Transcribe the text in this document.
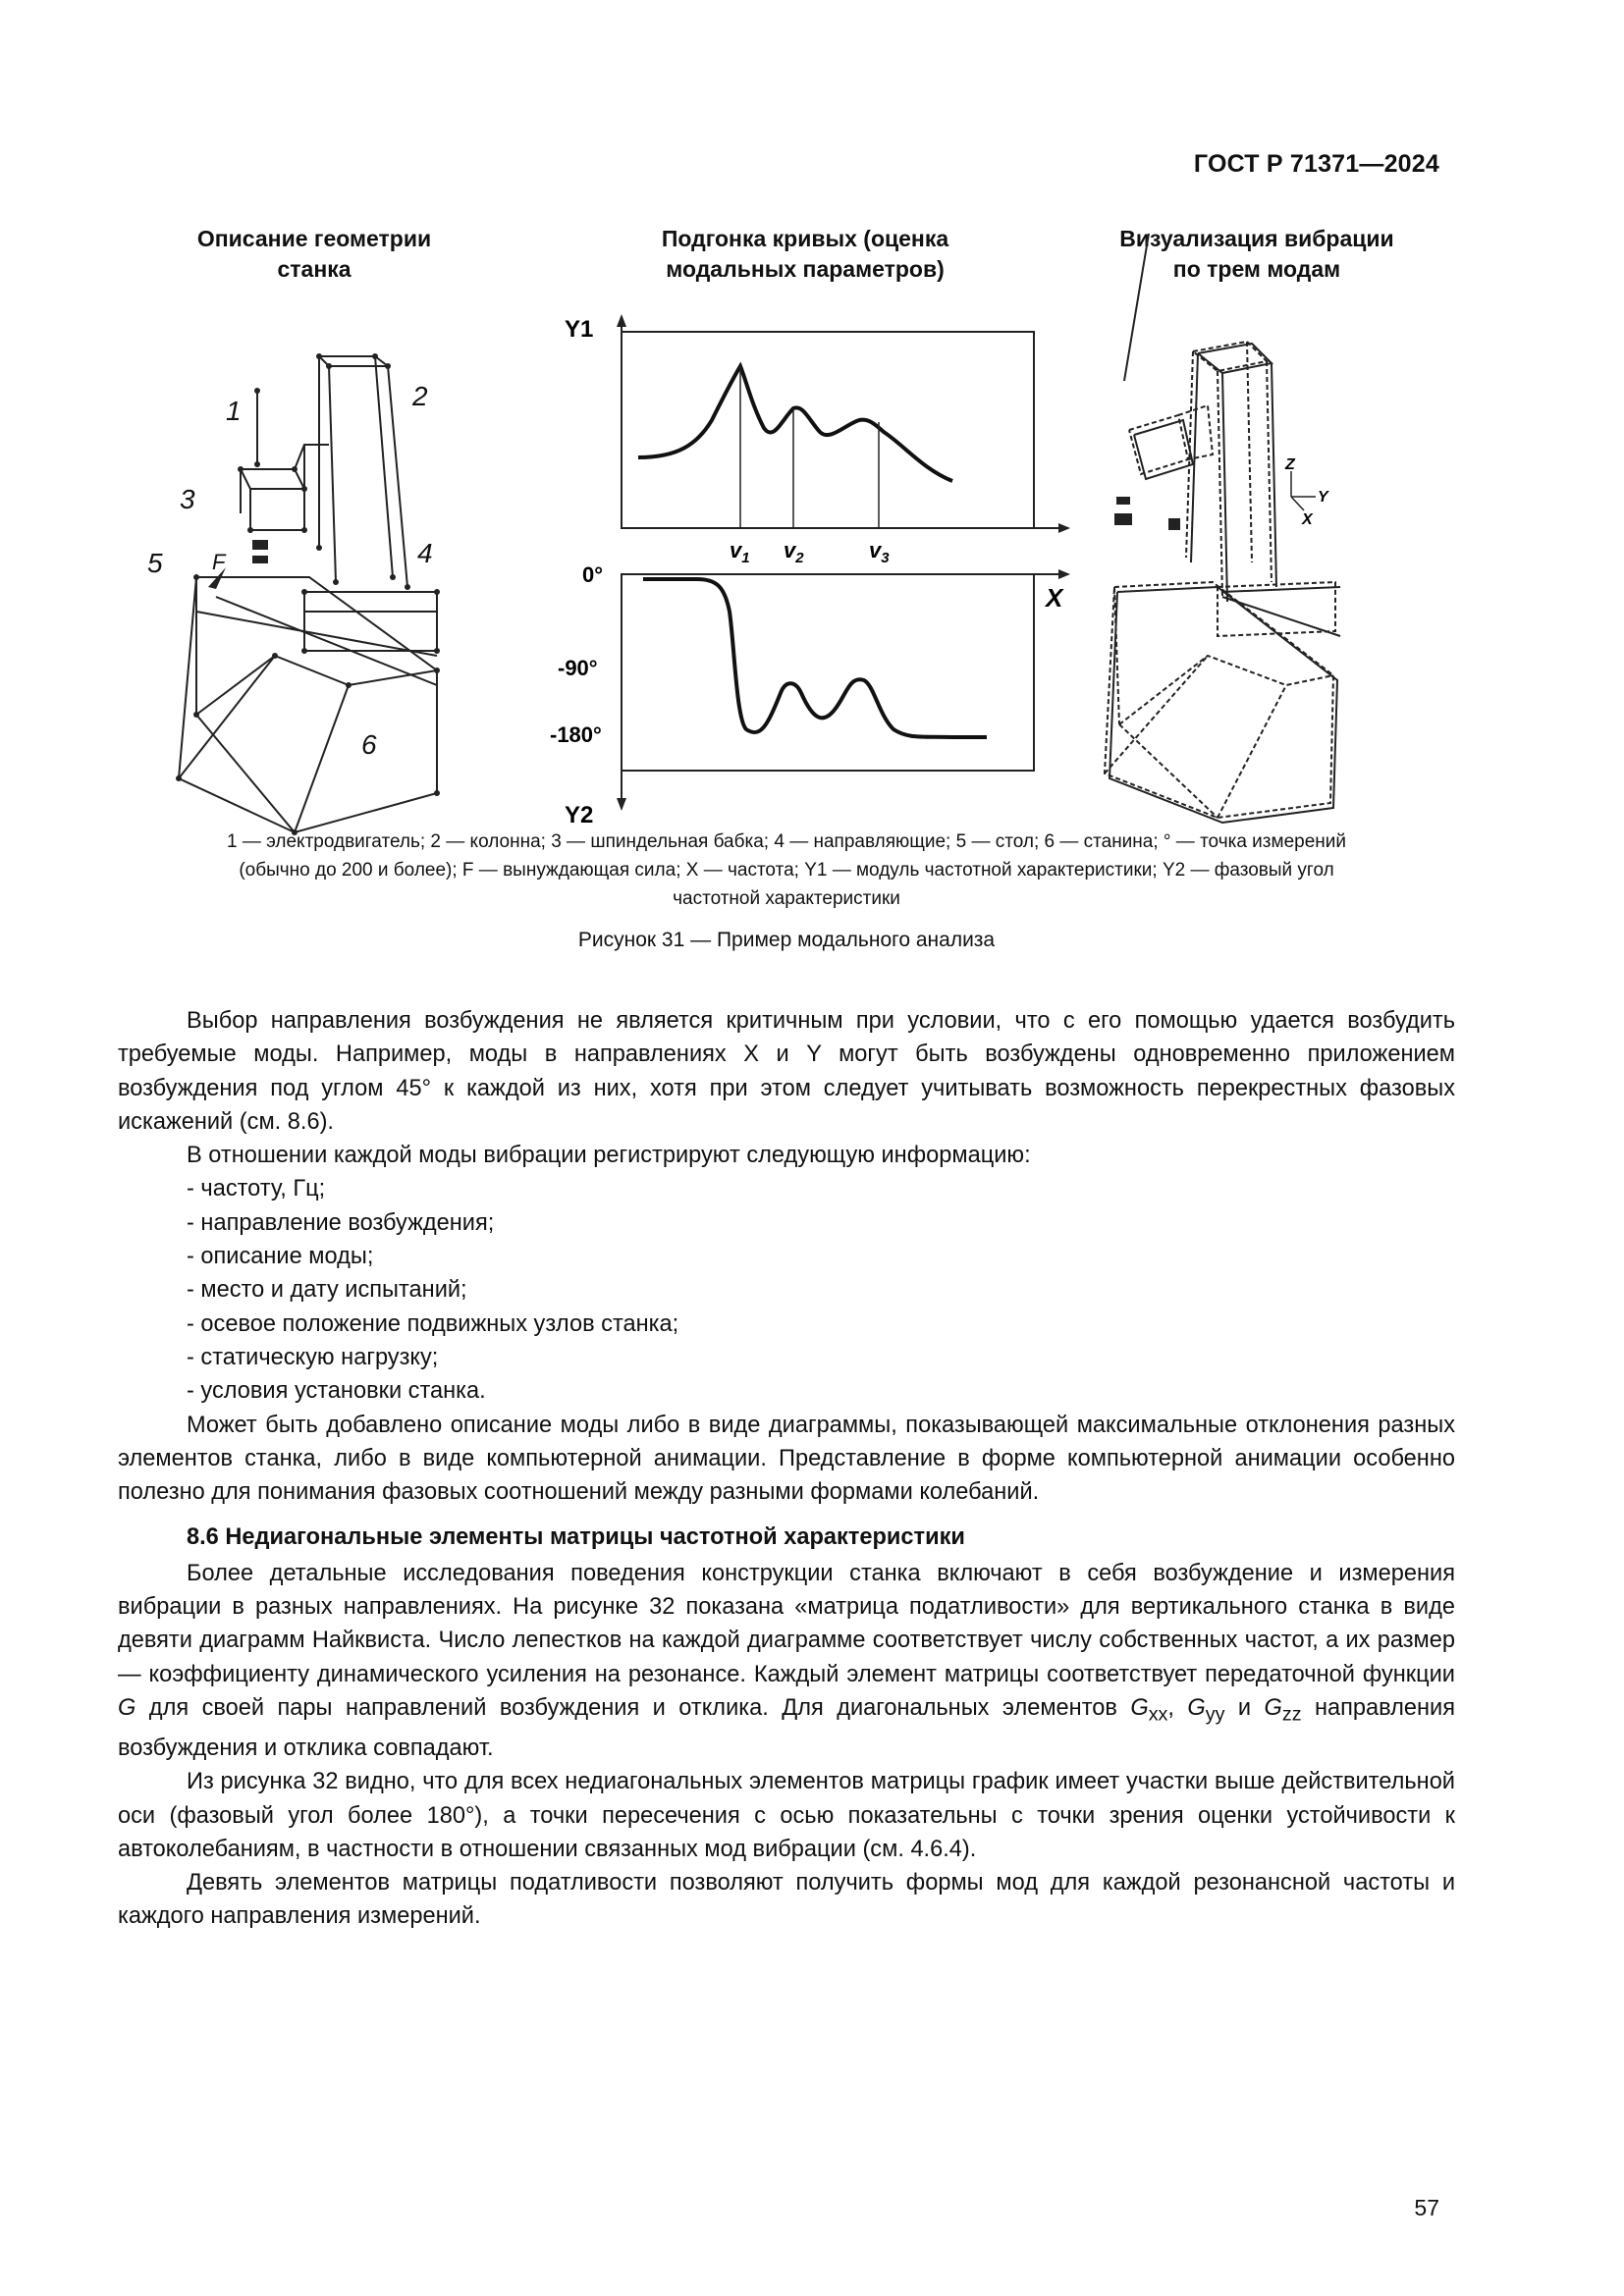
ГОСТ Р 71371—2024
Описание геометрии
станка
Подгонка кривых (оценка
модальных параметров)
Визуализация вибрации
по трем модам
1	2
3
4
5
6
F
Y1
$v_1$ $v_2$	$v_3$
X
0°
-90°
-180°
Y2
Z
Y
X
1 — электродвигатель; 2 — колонна; 3 — шпиндельная бабка; 4 — направляющие; 5 — стол; 6 — станина; ° — точка измерений
(обычно до 200 и более); F — вынуждающая сила; X — частота; Y1 — модуль частотной характеристики; Y2 — фазовый угол
частотной характеристики
Рисунок 31 — Пример модального анализа

Выбор направления возбуждения не является критичным при условии, что с его помощью удается возбудить требуемые моды. Например, моды в направлениях X и Y могут быть возбуждены одновременно приложением возбуждения под углом 45° к каждой из них, хотя при этом следует учитывать возможность перекрестных фазовых искажений (см. 8.6).

В отношении каждой моды вибрации регистрируют следующую информацию:

- частоту, Гц;

- направление возбуждения;

- описание моды;

- место и дату испытаний;

- осевое положение подвижных узлов станка;

- статическую нагрузку;

- условия установки станка.

Может быть добавлено описание моды либо в виде диаграммы, показывающей максимальные отклонения разных элементов станка, либо в виде компьютерной анимации. Представление в форме компьютерной анимации особенно полезно для понимания фазовых соотношений между разными формами колебаний.

8.6 Недиагональные элементы матрицы частотной характеристики

Более детальные исследования поведения конструкции станка включают в себя возбуждение и измерения вибрации в разных направлениях. На рисунке 32 показана «матрица податливости» для вертикального станка в виде девяти диаграмм Найквиста. Число лепестков на каждой диаграмме соответствует числу собственных частот, а их размер — коэффициенту динамического усиления на резонансе. Каждый элемент матрицы соответствует передаточной функции G для своей пары направлений возбуждения и отклика. Для диагональных элементов $G_{xx}$, $G_{yy}$ и $G_{zz}$ направления возбуждения и отклика совпадают.

Из рисунка 32 видно, что для всех недиагональных элементов матрицы график имеет участки выше действительной оси (фазовый угол более 180°), а точки пересечения с осью показательны с точки зрения оценки устойчивости к автоколебаниям, в частности в отношении связанных мод вибрации (см. 4.6.4).

Девять элементов матрицы податливости позволяют получить формы мод для каждой резонансной частоты и каждого направления измерений.

57
